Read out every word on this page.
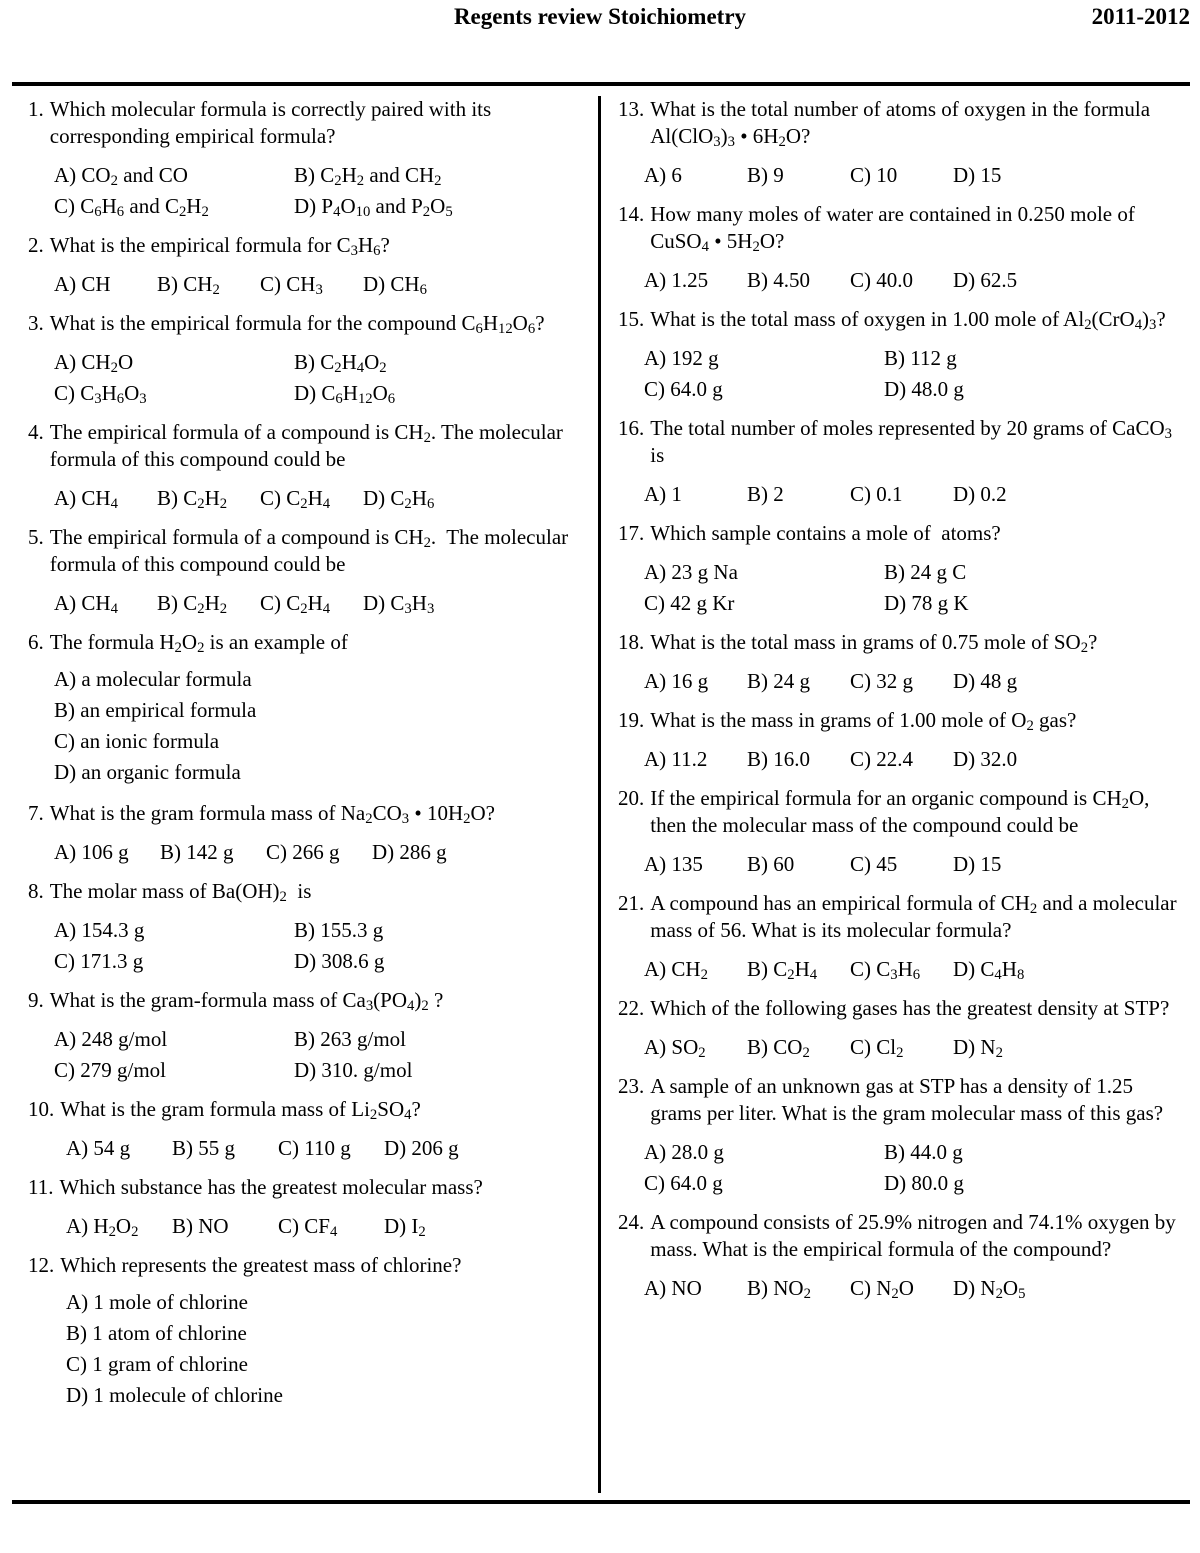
Regents review Stoichiometry	2011-2012
1. Which molecular formula is correctly paired with its corresponding empirical formula?
A) $CO_2$ and CO	B) $C_2H_2$ and $CH_2$
C) $C_6H_6$ and $C_2H_2$	D) $P_4O_{10}$ and $P_2O_5$
2. What is the empirical formula for $C_3H_6$?
A) CH	B) $CH_2$	C) $CH_3$	D) $CH_6$
3. What is the empirical formula for the compound $C_6H_{12}O_6$?
A) $CH_2O$	B) $C_2H_4O_2$
C) $C_3H_6O_3$	D) $C_6H_{12}O_6$
4. The empirical formula of a compound is $CH_2$. The molecular formula of this compound could be
A) $CH_4$	B) $C_2H_2$	C) $C_2H_4$	D) $C_2H_6$
5. The empirical formula of a compound is $CH_2$.  The molecular formula of this compound could be
A) $CH_4$	B) $C_2H_2$	C) $C_2H_4$	D) $C_3H_3$
6. The formula $H_2O_2$ is an example of
A) a molecular formula
B) an empirical formula
C) an ionic formula
D) an organic formula
7. What is the gram formula mass of $Na_2CO_3$ • $10H_2O$?
A) 106 g	B) 142 g	C) 266 g	D) 286 g
8. The molar mass of $Ba(OH)_2$  is
A) 154.3 g	B) 155.3 g
C) 171.3 g	D) 308.6 g
9. What is the gram-formula mass of $Ca_3(PO_4)_2$ ?
A) 248 g/mol	B) 263 g/mol
C) 279 g/mol	D) 310. g/mol
10. What is the gram formula mass of $Li_2SO_4$?
A) 54 g	B) 55 g	C) 110 g	D) 206 g
11. Which substance has the greatest molecular mass?
A) $H_2O_2$	B) NO	C) $CF_4$	D) $I_2$
12. Which represents the greatest mass of chlorine?
A) 1 mole of chlorine
B) 1 atom of chlorine
C) 1 gram of chlorine
D) 1 molecule of chlorine
13. What is the total number of atoms of oxygen in the formula $Al(ClO_3)_3$ • $6H_2O$?
A) 6	B) 9	C) 10	D) 15
14. How many moles of water are contained in 0.250 mole of CuSO$_4$ • $5H_2O$?
A) 1.25	B) 4.50	C) 40.0	D) 62.5
15. What is the total mass of oxygen in 1.00 mole of $Al_2(CrO_4)_3$?
A) 192 g	B) 112 g
C) 64.0 g	D) 48.0 g
16. The total number of moles represented by 20 grams of CaCO$_3$ is
A) 1	B) 2	C) 0.1	D) 0.2
17. Which sample contains a mole of  atoms?
A) 23 g Na	B) 24 g C
C) 42 g Kr	D) 78 g K
18. What is the total mass in grams of 0.75 mole of $SO_2$?
A) 16 g	B) 24 g	C) 32 g	D) 48 g
19. What is the mass in grams of 1.00 mole of $O_2$ gas?
A) 11.2	B) 16.0	C) 22.4	D) 32.0
20. If the empirical formula for an organic compound is $CH_2O$, then the molecular mass of the compound could be
A) 135	B) 60	C) 45	D) 15
21. A compound has an empirical formula of $CH_2$ and a molecular mass of 56. What is its molecular formula?
A) $CH_2$	B) $C_2H_4$	C) $C_3H_6$	D) $C_4H_8$
22. Which of the following gases has the greatest density at STP?
A) $SO_2$	B) $CO_2$	C) $Cl_2$	D) $N_2$
23. A sample of an unknown gas at STP has a density of 1.25 grams per liter. What is the gram molecular mass of this gas?
A) 28.0 g	B) 44.0 g
C) 64.0 g	D) 80.0 g
24. A compound consists of 25.9% nitrogen and 74.1% oxygen by mass. What is the empirical formula of the compound?
A) NO	B) $NO_2$	C) $N_2O$	D) $N_2O_5$
